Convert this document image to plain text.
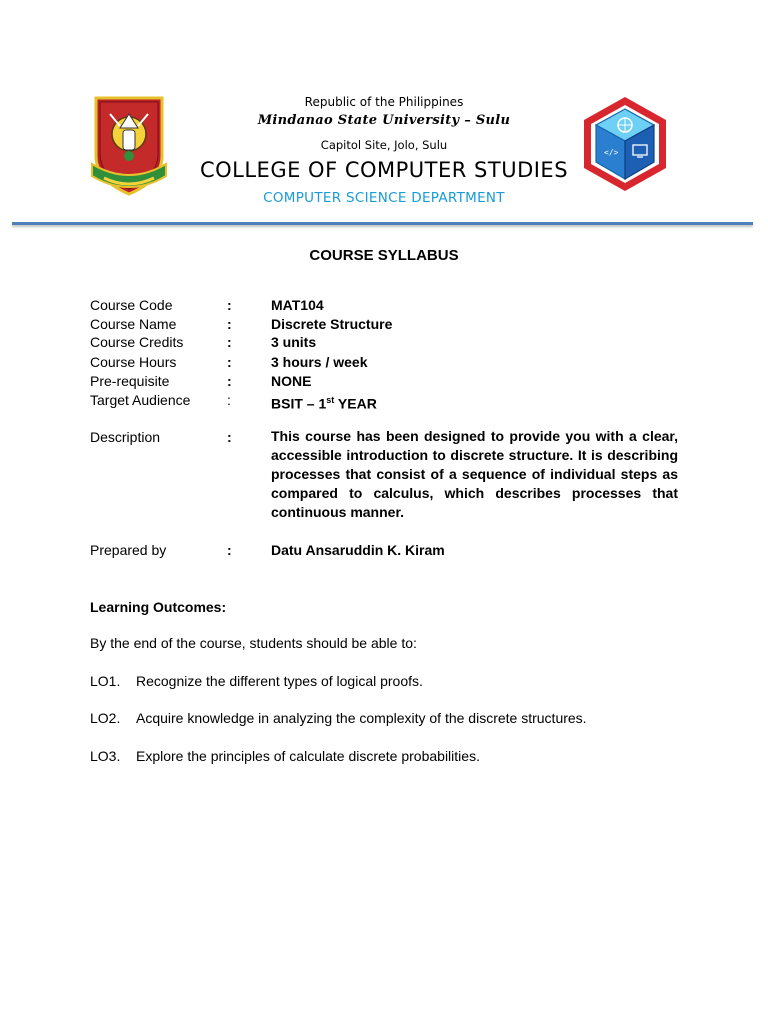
</>
Republic of the Philippines
Mindanao State University – Sulu
Capitol Site, Jolo, Sulu
COLLEGE OF COMPUTER STUDIES
COMPUTER SCIENCE DEPARTMENT
COURSE SYLLABUS
Course Code	:	MAT104
Course Name	:	Discrete Structure
Course Credits	:	3 units
Course Hours	:	3 hours / week
Pre-requisite	:	NONE
Target Audience	:	BSIT – 1st YEAR
Description	:	This course has been designed to provide you with a clear, accessible introduction to discrete structure. It is describing processes that consist of a sequence of individual steps as compared to calculus, which describes processes that continuous manner.
Prepared by	:	Datu Ansaruddin K. Kiram
Learning Outcomes:
By the end of the course, students should be able to:
LO1. Recognize the different types of logical proofs.
LO2. Acquire knowledge in analyzing the complexity of the discrete structures.
LO3. Explore the principles of calculate discrete probabilities.
